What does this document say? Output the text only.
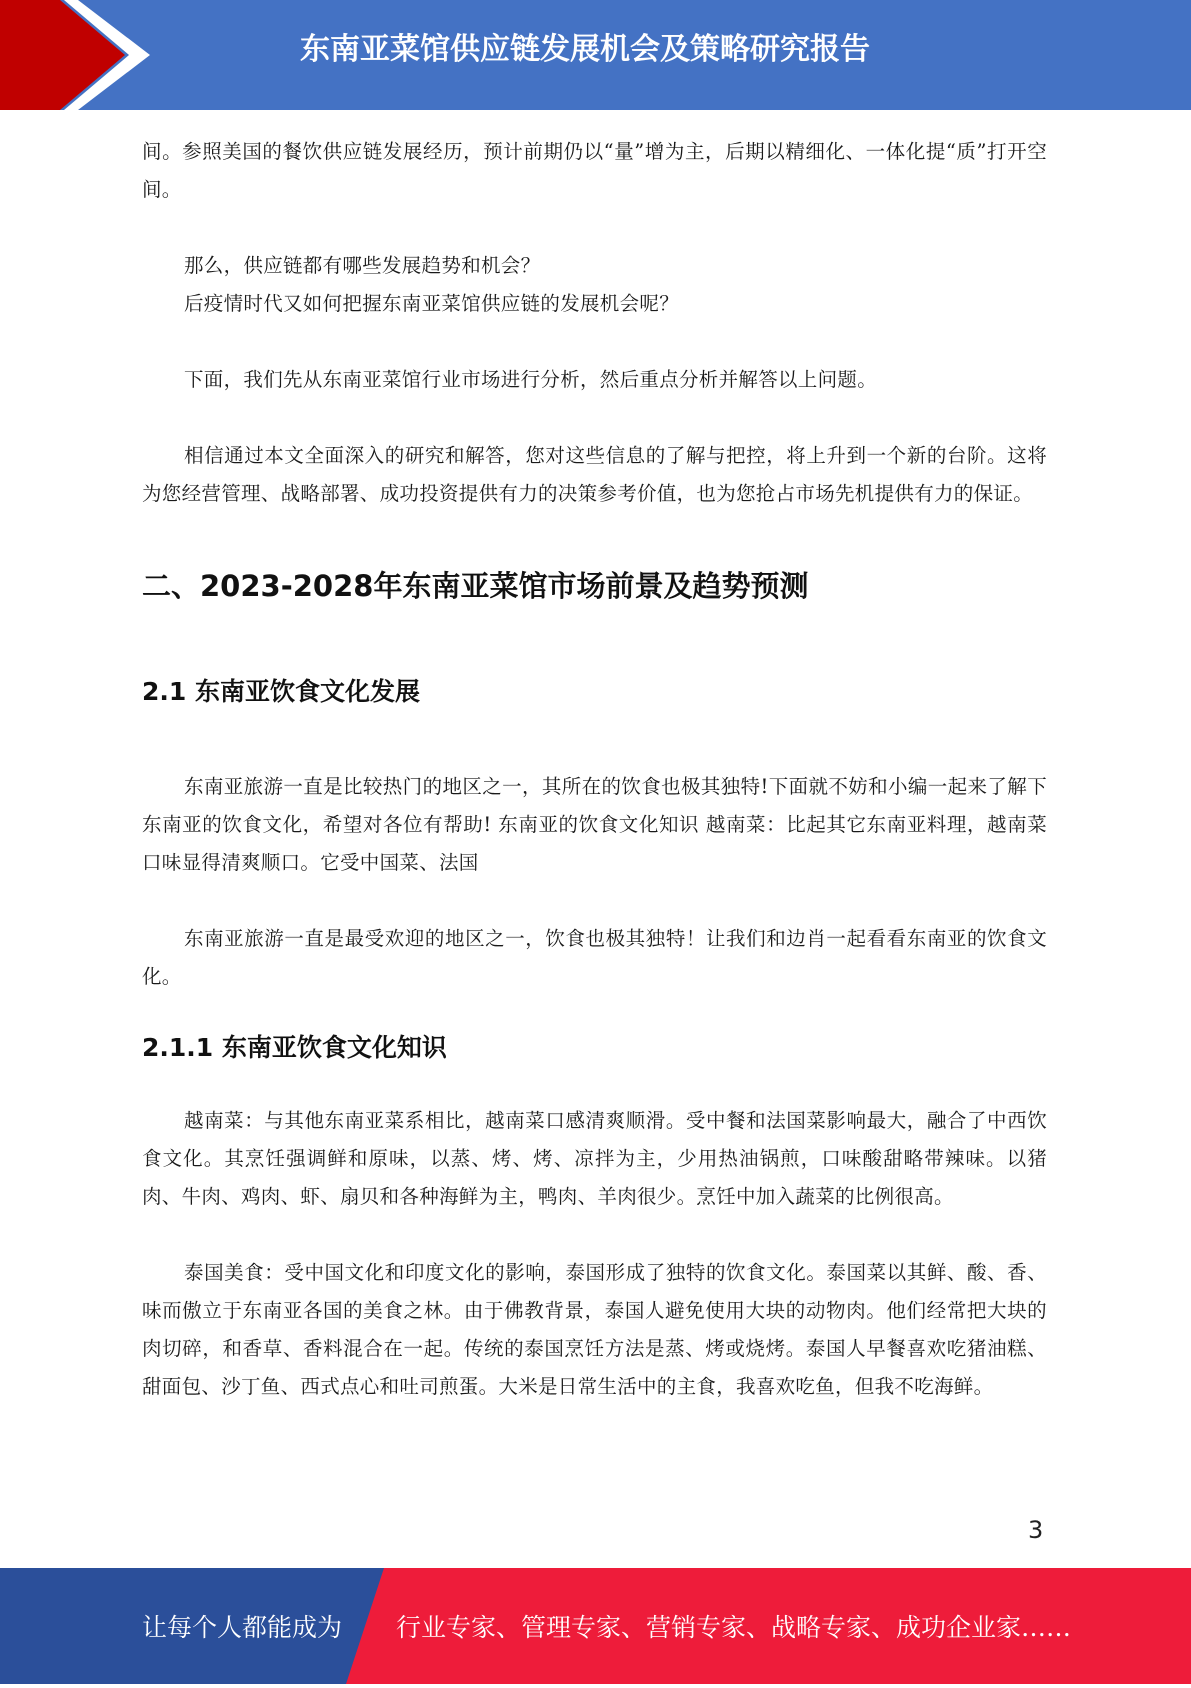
东南亚菜馆供应链发展机会及策略研究报告

间。参照美国的餐饮供应链发展经历，预计前期仍以“量”增为主，后期以精细化、一体化提“质”打开空间。

那么，供应链都有哪些发展趋势和机会？

后疫情时代又如何把握东南亚菜馆供应链的发展机会呢？

下面，我们先从东南亚菜馆行业市场进行分析，然后重点分析并解答以上问题。

相信通过本文全面深入的研究和解答，您对这些信息的了解与把控，将上升到一个新的台阶。这将为您经营管理、战略部署、成功投资提供有力的决策参考价值，也为您抢占市场先机提供有力的保证。

二、2023-2028年东南亚菜馆市场前景及趋势预测
2.1 东南亚饮食文化发展

东南亚旅游一直是比较热门的地区之一，其所在的饮食也极其独特!下面就不妨和小编一起来了解下东南亚的饮食文化，希望对各位有帮助! 东南亚的饮食文化知识 越南菜：比起其它东南亚料理，越南菜口味显得清爽顺口。它受中国菜、法国

东南亚旅游一直是最受欢迎的地区之一，饮食也极其独特！让我们和边肖一起看看东南亚的饮食文化。

2.1.1 东南亚饮食文化知识

越南菜：与其他东南亚菜系相比，越南菜口感清爽顺滑。受中餐和法国菜影响最大，融合了中西饮食文化。其烹饪强调鲜和原味，以蒸、烤、烤、凉拌为主，少用热油锅煎，口味酸甜略带辣味。以猪肉、牛肉、鸡肉、虾、扇贝和各种海鲜为主，鸭肉、羊肉很少。烹饪中加入蔬菜的比例很高。

泰国美食：受中国文化和印度文化的影响，泰国形成了独特的饮食文化。泰国菜以其鲜、酸、香、味而傲立于东南亚各国的美食之林。由于佛教背景，泰国人避免使用大块的动物肉。他们经常把大块的肉切碎，和香草、香料混合在一起。传统的泰国烹饪方法是蒸、烤或烧烤。泰国人早餐喜欢吃猪油糕、甜面包、沙丁鱼、西式点心和吐司煎蛋。大米是日常生活中的主食，我喜欢吃鱼，但我不吃海鲜。

3
让每个人都能成为 行业专家、管理专家、营销专家、战略专家、成功企业家……
